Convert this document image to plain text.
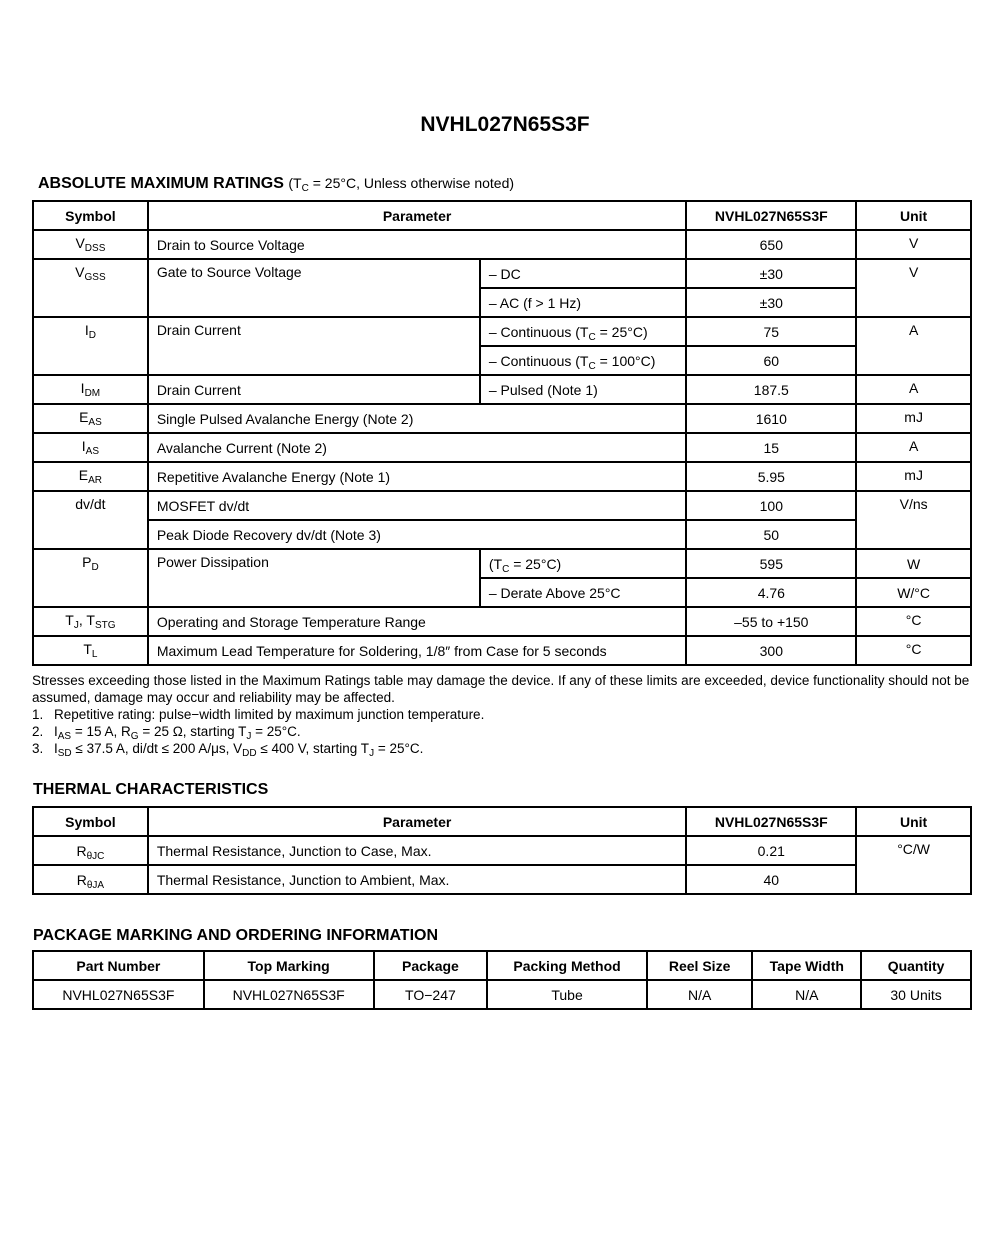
NVHL027N65S3F
ABSOLUTE MAXIMUM RATINGS ($T_C = 25^\circ C$, Unless otherwise noted)
Symbol	Parameter		NVHL027N65S3F	Unit
$V_{DSS}$	Drain to Source Voltage		650	V
$V_{GSS}$	Gate to Source Voltage	– DC	±30	V
		– AC (f > 1 Hz)	±30	
$I_D$	Drain Current	– Continuous $(T_C = 25^\circ C)$	75	A
		– Continuous $(T_C = 100^\circ C)$	60	
$I_{DM}$	Drain Current	– Pulsed (Note 1)	187.5	A
$E_{AS}$	Single Pulsed Avalanche Energy (Note 2)		1610	mJ
$I_{AS}$	Avalanche Current (Note 2)		15	A
$E_{AR}$	Repetitive Avalanche Energy (Note 1)		5.95	mJ
dv/dt	MOSFET dv/dt		100	V/ns
	Peak Diode Recovery dv/dt (Note 3)		50	
$P_D$	Power Dissipation	$(T_C = 25^\circ C)$	595	W
		– Derate Above 25°C	4.76	W/°C
$T_J$, $T_{STG}$	Operating and Storage Temperature Range		–55 to +150	°C
$T_L$	Maximum Lead Temperature for Soldering, 1/8″ from Case for 5 seconds		300	°C

Stresses exceeding those listed in the Maximum Ratings table may damage the device. If any of these limits are exceeded, device functionality should not be assumed, damage may occur and reliability may be affected.

1. Repetitive rating: pulse−width limited by maximum junction temperature.
2. $I_{AS} = 15$ A, $R_G = 25$ Ω, starting $T_J = 25^\circ C$.
3. $I_{SD} \le 37.5$ A, di/dt ≤ 200 A/μs, $V_{DD} \le 400$ V, starting $T_J = 25^\circ C$.
THERMAL CHARACTERISTICS
Symbol	Parameter	NVHL027N65S3F	Unit
$R_{\theta JC}$	Thermal Resistance, Junction to Case, Max.	0.21	°C/W
$R_{\theta JA}$	Thermal Resistance, Junction to Ambient, Max.	40	
PACKAGE MARKING AND ORDERING INFORMATION
Part Number	Top Marking	Package	Packing Method	Reel Size	Tape Width	Quantity
NVHL027N65S3F	NVHL027N65S3F	TO−247	Tube	N/A	N/A	30 Units
